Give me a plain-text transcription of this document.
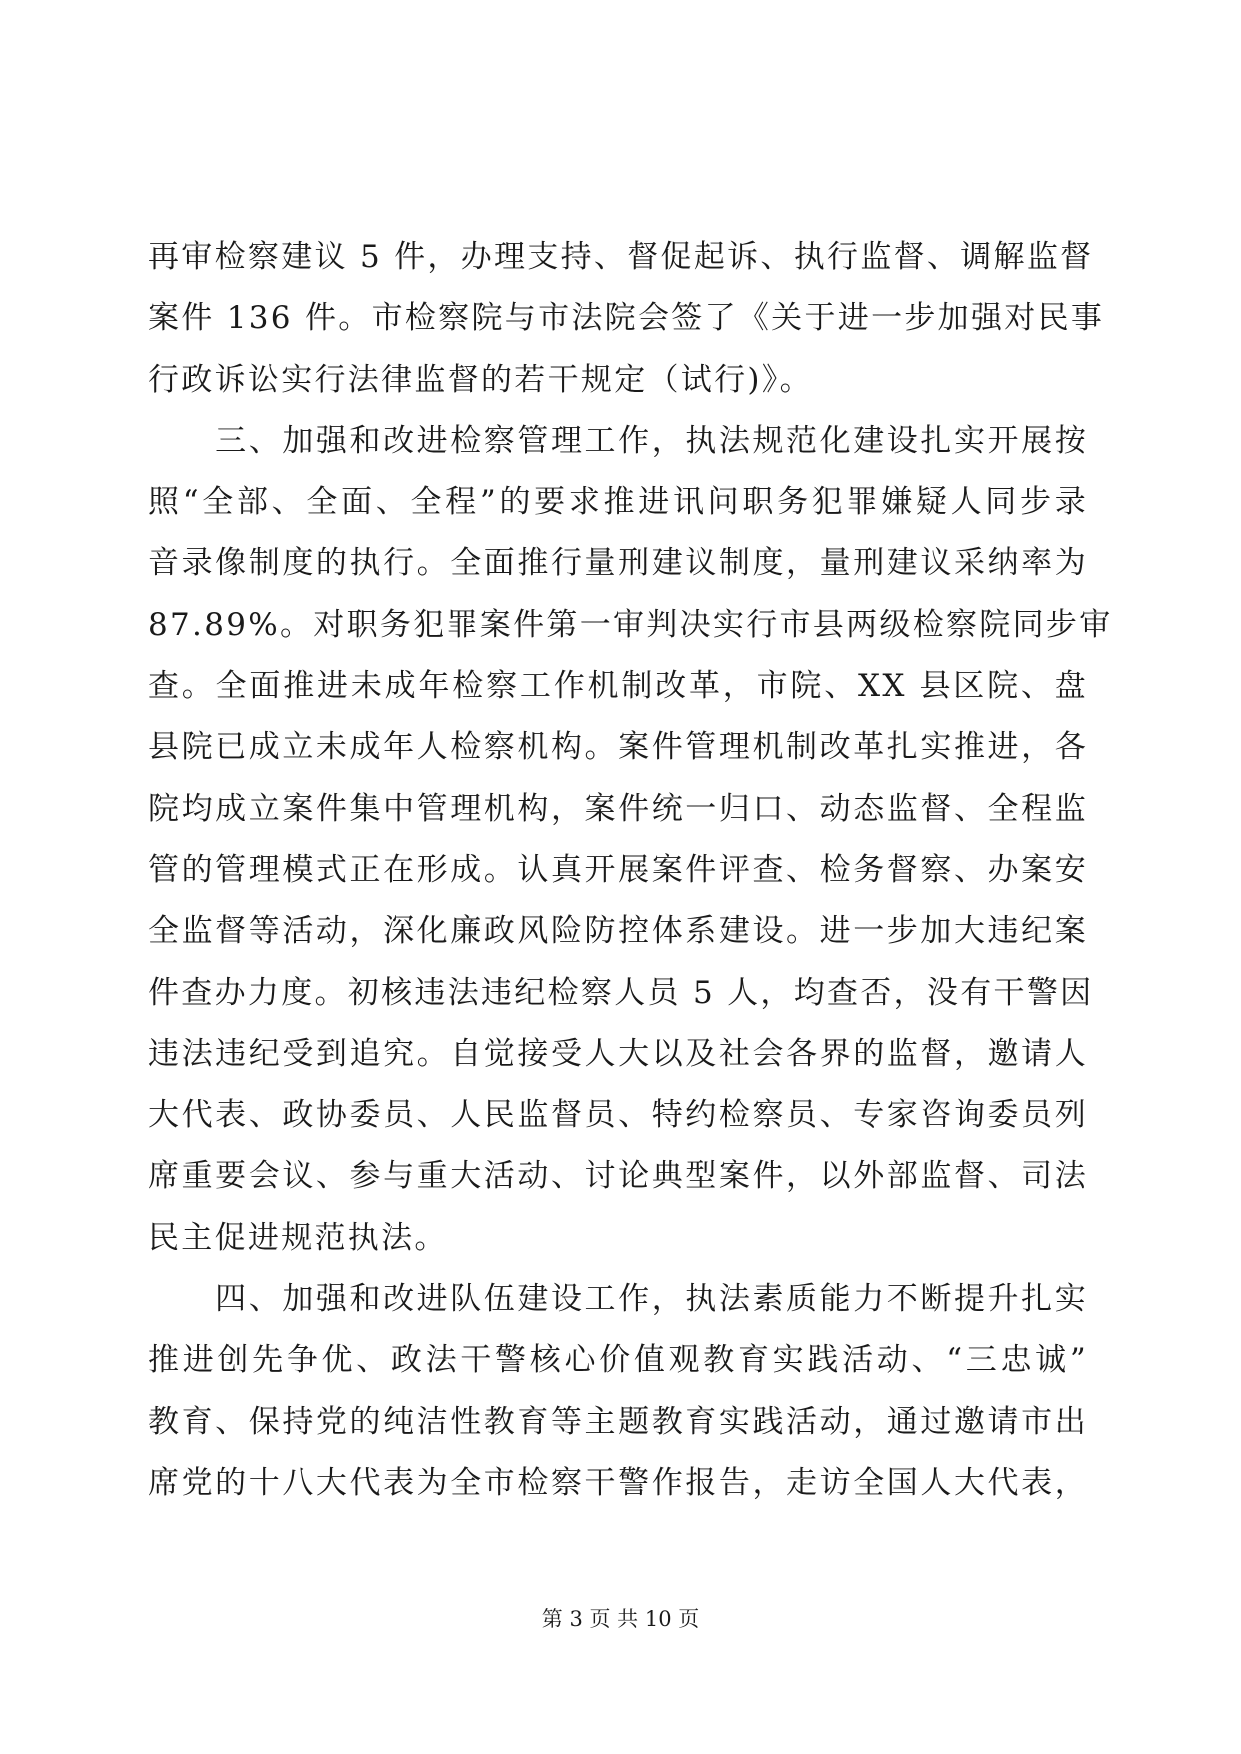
再审检察建议 5 件，办理支持、督促起诉、执行监督、调解监督
案件 136 件。市检察院与市法院会签了《关于进一步加强对民事
行政诉讼实行法律监督的若干规定（试行)》。
　　三、加强和改进检察管理工作，执法规范化建设扎实开展按
照“全部、全面、全程”的要求推进讯问职务犯罪嫌疑人同步录
音录像制度的执行。全面推行量刑建议制度，量刑建议采纳率为
87.89%。对职务犯罪案件第一审判决实行市县两级检察院同步审
查。全面推进未成年检察工作机制改革，市院、XX 县区院、盘
县院已成立未成年人检察机构。案件管理机制改革扎实推进，各
院均成立案件集中管理机构，案件统一归口、动态监督、全程监
管的管理模式正在形成。认真开展案件评查、检务督察、办案安
全监督等活动，深化廉政风险防控体系建设。进一步加大违纪案
件查办力度。初核违法违纪检察人员 5 人，均查否，没有干警因
违法违纪受到追究。自觉接受人大以及社会各界的监督，邀请人
大代表、政协委员、人民监督员、特约检察员、专家咨询委员列
席重要会议、参与重大活动、讨论典型案件，以外部监督、司法
民主促进规范执法。
　　四、加强和改进队伍建设工作，执法素质能力不断提升扎实
推进创先争优、政法干警核心价值观教育实践活动、“三忠诚”
教育、保持党的纯洁性教育等主题教育实践活动，通过邀请市出
席党的十八大代表为全市检察干警作报告，走访全国人大代表，
第 3 页 共 10 页
